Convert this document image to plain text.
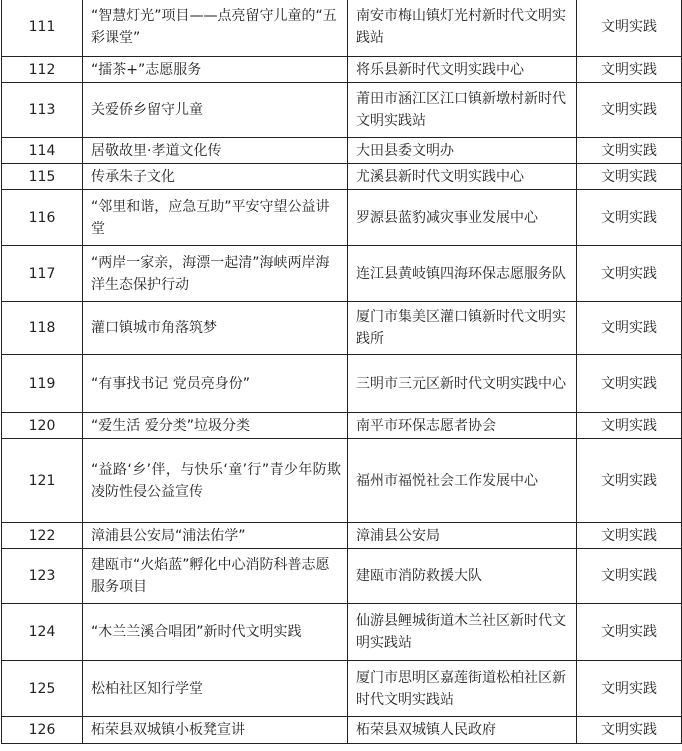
111	“智慧灯光”项目——点亮留守儿童的“五彩课堂”	南安市梅山镇灯光村新时代文明实践站	文明实践
112	“擂茶+”志愿服务	将乐县新时代文明实践中心	文明实践
113	关爱侨乡留守儿童	莆田市涵江区江口镇新墩村新时代文明实践站	文明实践
114	居敬故里·孝道文化传	大田县委文明办	文明实践
115	传承朱子文化	尤溪县新时代文明实践中心	文明实践
116	“邻里和谐，应急互助”平安守望公益讲堂	罗源县蓝豹减灾事业发展中心	文明实践
117	“两岸一家亲，海漂一起清”海峡两岸海洋生态保护行动	连江县黄岐镇四海环保志愿服务队	文明实践
118	灌口镇城市角落筑梦	厦门市集美区灌口镇新时代文明实践所	文明实践
119	“有事找书记 党员亮身份”	三明市三元区新时代文明实践中心	文明实践
120	“爱生活 爱分类”垃圾分类	南平市环保志愿者协会	文明实践
121	“益路‘乡’伴，与快乐‘童’行”青少年防欺凌防性侵公益宣传	福州市福悦社会工作发展中心	文明实践
122	漳浦县公安局“浦法佑学”	漳浦县公安局	文明实践
123	建瓯市“火焰蓝”孵化中心消防科普志愿服务项目	建瓯市消防救援大队	文明实践
124	“木兰兰溪合唱团”新时代文明实践	仙游县鲤城街道木兰社区新时代文明实践站	文明实践
125	松柏社区知行学堂	厦门市思明区嘉莲街道松柏社区新时代文明实践站	文明实践
126	柘荣县双城镇小板凳宣讲	柘荣县双城镇人民政府	文明实践
